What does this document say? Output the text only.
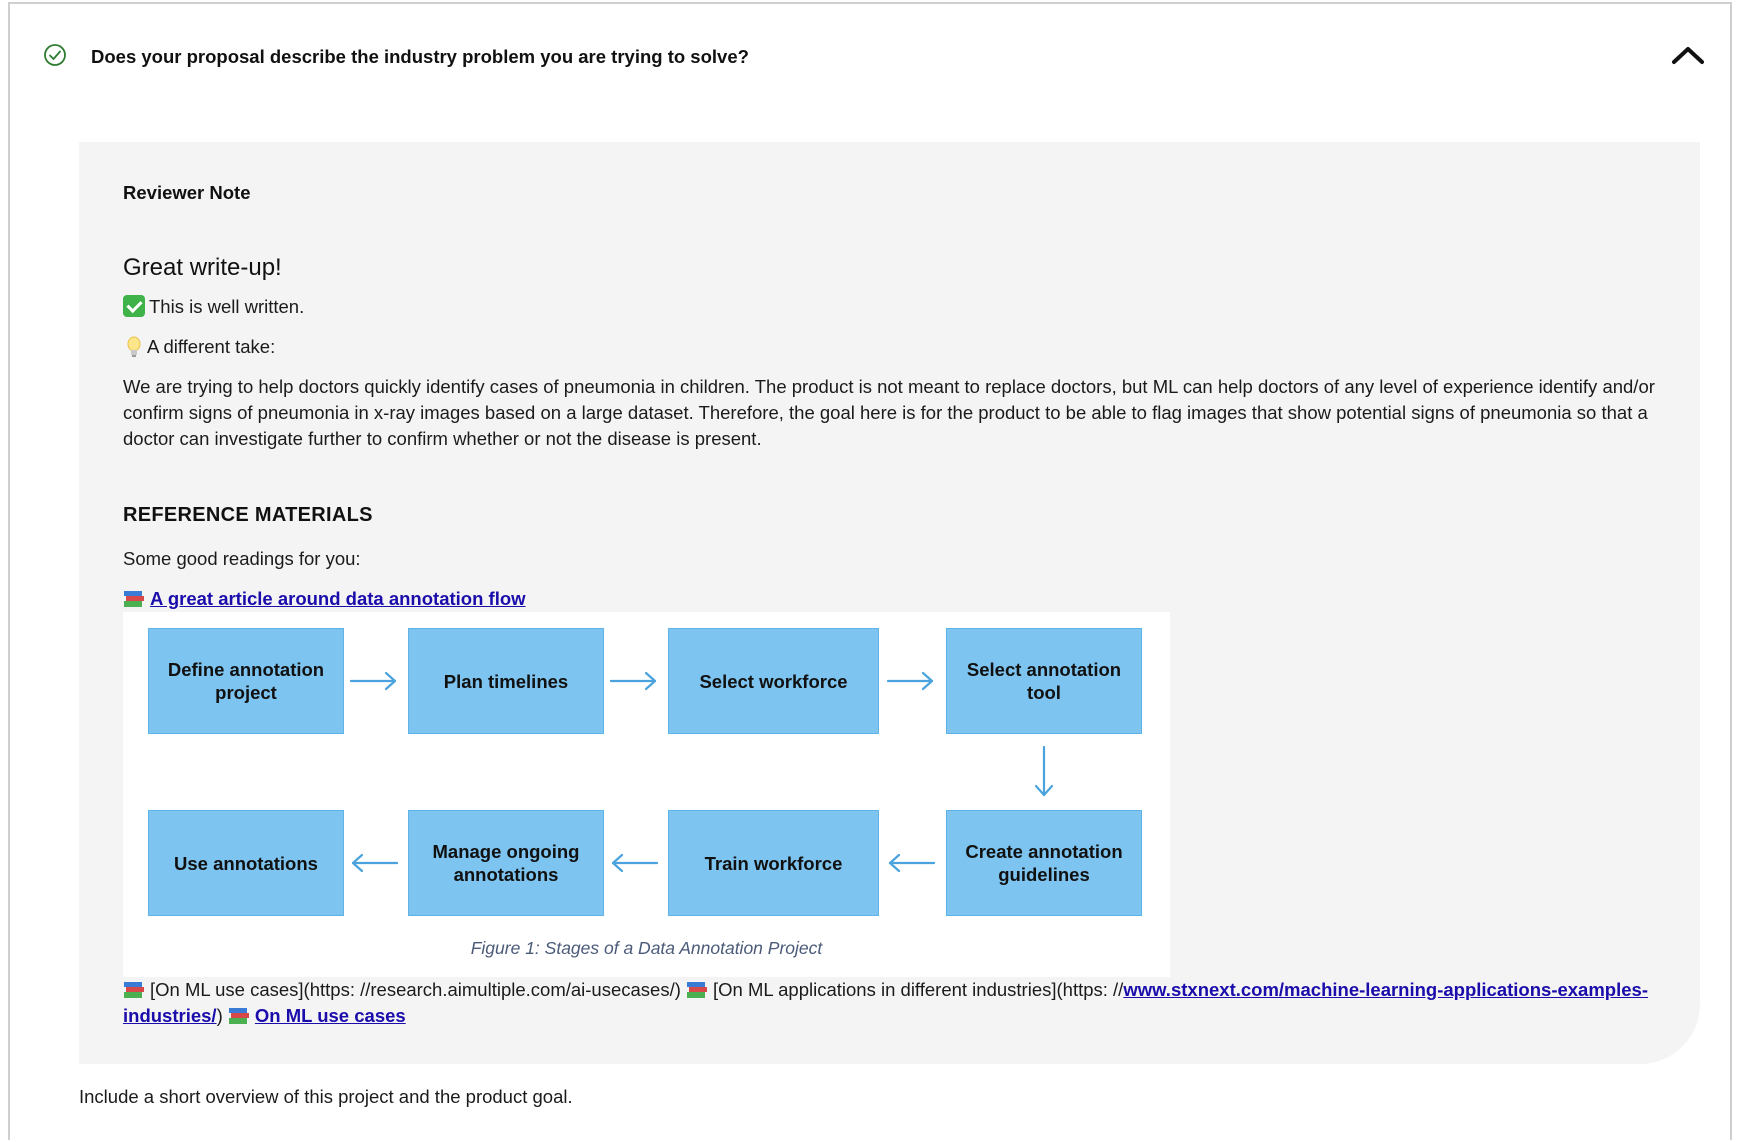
Does your proposal describe the industry problem you are trying to solve?
Reviewer Note
Great write-up!
This is well written.
A different take:
We are trying to help doctors quickly identify cases of pneumonia in children. The product is not meant to replace doctors, but ML can help doctors of any level of experience identify and/or confirm signs of pneumonia in x-ray images based on a large dataset. Therefore, the goal here is for the product to be able to flag images that show potential signs of pneumonia so that a doctor can investigate further to confirm whether or not the disease is present.
REFERENCE MATERIALS
Some good readings for you:
A great article around data annotation flow
Define annotation project
Plan timelines	Select workforce
Select annotation tool
Create annotation guidelines
Train workforce
Manage ongoing annotations
Use annotations
Figure 1: Stages of a Data Annotation Project
[On ML use cases](https: //research.aimultiple.com/ai-usecases/) [On ML applications in different industries](https: //www.stxnext.com/machine-learning-applications-examples-industries/) On ML use cases
Include a short overview of this project and the product goal.
